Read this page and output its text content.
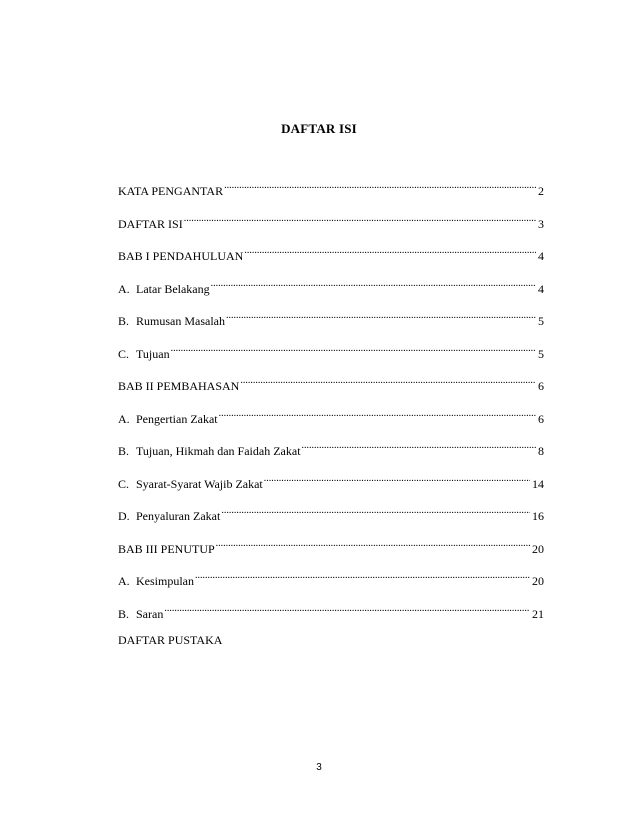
DAFTAR ISI
KATA PENGANTAR .....	2
DAFTAR ISI .....	3
BAB I PENDAHULUAN .....	4
A. Latar Belakang .....	4
B. Rumusan Masalah .....	5
C. Tujuan .....	5
BAB II PEMBAHASAN .....	6
A. Pengertian Zakat .....	6
B. Tujuan, Hikmah dan Faidah Zakat .....	8
C. Syarat-Syarat Wajib Zakat .....	14
D. Penyaluran Zakat .....	16
BAB III PENUTUP .....	20
A. Kesimpulan .....	20
B. Saran .....	21
DAFTAR PUSTAKA
3
